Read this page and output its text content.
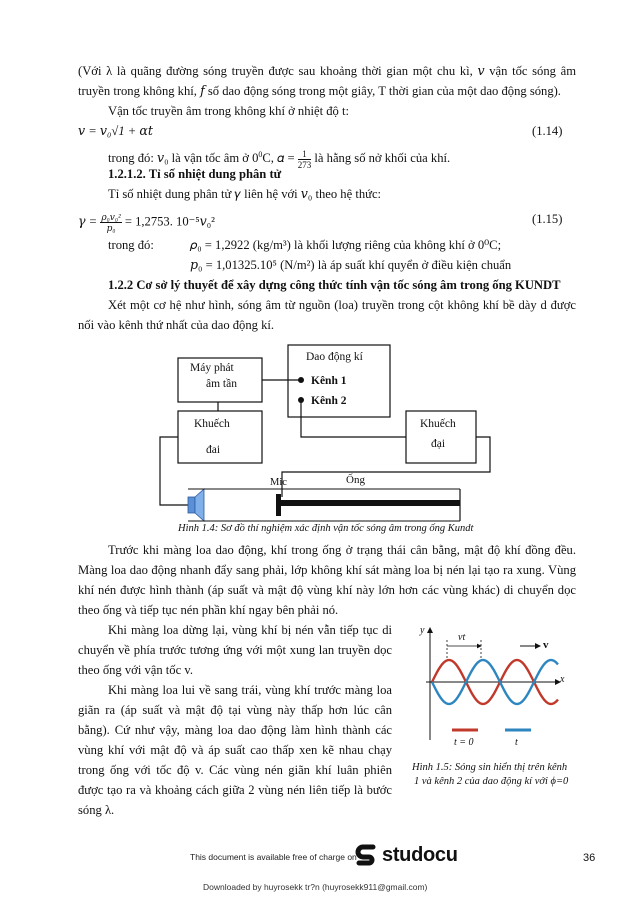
(Với λ là quãng đường sóng truyền được sau khoảng thời gian một chu kì, 𝑣 vận tốc sóng âm
truyền trong không khí, 𝑓 số dao động sóng trong một giây, T thời gian của một dao động sóng).
Vận tốc truyền âm trong không khí ở nhiệt độ t:
𝑣 = 𝑣₀√1 + 𝛼𝑡	(1.14)
trong đó: 𝑣₀ là vận tốc âm ở $0^0C$, 𝛼 = $\frac{1}{273}$ là hằng số nở khối của khí.
1.2.1.2. Tỉ số nhiệt dung phân tử
Tỉ số nhiệt dung phân tử 𝛾 liên hệ với 𝑣₀ theo hệ thức:
𝛾 = $\frac{\text{𝜌₀𝑣₀²}}{\text{𝑝₀}} = 1,2753$. 10⁻⁵𝑣₀²	(1.15)
trong đó:	𝜌₀ = 1,2922 (kg/m³) là khối lượng riêng của không khí ở 0⁰C;
𝑝₀ = 1,01325.10⁵ (N/m²) là áp suất khí quyển ở điều kiện chuẩn
1.2.2 Cơ sở lý thuyết để xây dựng công thức tính vận tốc sóng âm trong ống KUNDT
Xét một cơ hệ như hình, sóng âm từ nguồn (loa) truyền trong cột không khí bề dày d được
nối vào kênh thứ nhất của dao động kí.
Máy phát
âm tần
Dao động kí
Kênh 1
Kênh 2
Khuếch
đai
Khuếch
đại
Mic	Ống
Hình 1.4: Sơ đồ thí nghiệm xác định vận tốc sóng âm trong ống Kundt
Trước khi màng loa dao động, khí trong ống ở trạng thái cân bằng, mật độ khí đồng đều.
Màng loa dao động nhanh đẩy sang phải, lớp không khí sát màng loa bị nén lại tạo ra xung. Vùng
khí nén được hình thành (áp suất và mật độ vùng khí này lớn hơn các vùng khác) di chuyển dọc
theo ống và tiếp tục nén phần khí ngay bên phải nó.
Khi màng loa dừng lại, vùng khí bị nén vẫn tiếp tục di
chuyển về phía trước tương ứng với một xung lan truyền dọc
theo ống với vận tốc v.
Khi màng loa lui về sang trái, vùng khí trước màng loa
giãn ra (áp suất và mật độ tại vùng này thấp hơn lúc cân
bằng). Cứ như vậy, màng loa dao động làm hình thành các
vùng khí với mật độ và áp suất cao thấp xen kẽ nhau chạy
trong ống với tốc độ v. Các vùng nén giãn khí luân phiên
được tạo ra và khoảng cách giữa 2 vùng nén liên tiếp là bước
sóng λ.
y
x
vt
v
t = 0	t
Hình 1.5: Sóng sin hiển thị trên kênh
1 và kênh 2 của dao động kí với ϕ=0
This document is available free of charge on studocu	36
Downloaded by huyrosekk tr?n (huyrosekk911@gmail.com)
